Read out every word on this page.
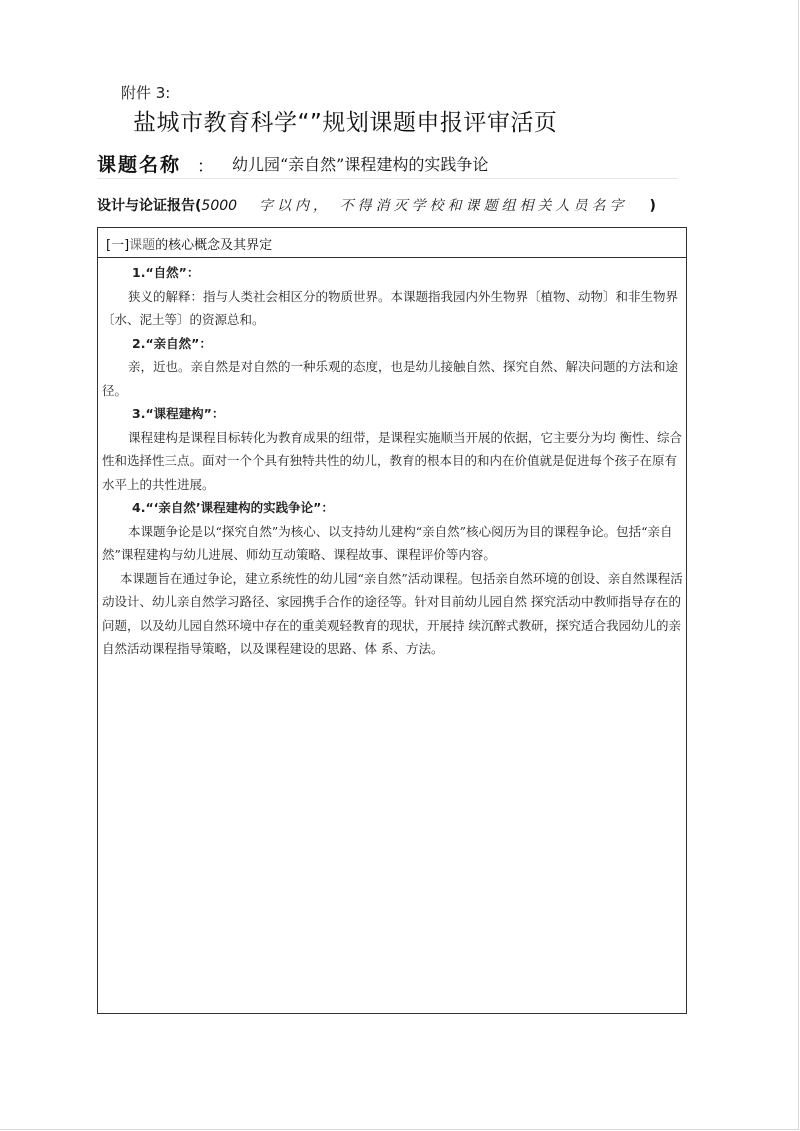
附件 3:
盐城市教育科学“”规划课题申报评审活页
课题名称 ： 幼儿园“亲自然”课程建构的实践争论
设计与论证报告(5000 字以内， 不得消灭学校和课题组相关人员名字 )
[一]课题的核心概念及其界定

1.“自然”：

狭义的解释：指与人类社会相区分的物质世界。本课题指我园内外生物界〔植物、动物〕和非生物界〔水、泥土等〕的资源总和。

2.“亲自然”：

亲，近也。亲自然是对自然的一种乐观的态度，也是幼儿接触自然、探究自然、解决问题的方法和途径。

3.“课程建构”：

课程建构是课程目标转化为教育成果的纽带，是课程实施顺当开展的依据，它主要分为均 衡性、综合性和选择性三点。面对一个个具有独特共性的幼儿，教育的根本目的和内在价值就是促进每个孩子在原有水平上的共性进展。

4.“‘亲自然’课程建构的实践争论”：

本课题争论是以“探究自然”为核心、以支持幼儿建构“亲自然”核心阅历为目的课程争论。包括“亲自然”课程建构与幼儿进展、师幼互动策略、课程故事、课程评价等内容。

本课题旨在通过争论，建立系统性的幼儿园“亲自然”活动课程。包括亲自然环境的创设、亲自然课程活动设计、幼儿亲自然学习路径、家园携手合作的途径等。针对目前幼儿园自然 探究活动中教师指导存在的问题，以及幼儿园自然环境中存在的重美观轻教育的现状，开展持 续沉醉式教研，探究适合我园幼儿的亲自然活动课程指导策略，以及课程建设的思路、体 系、方法。
